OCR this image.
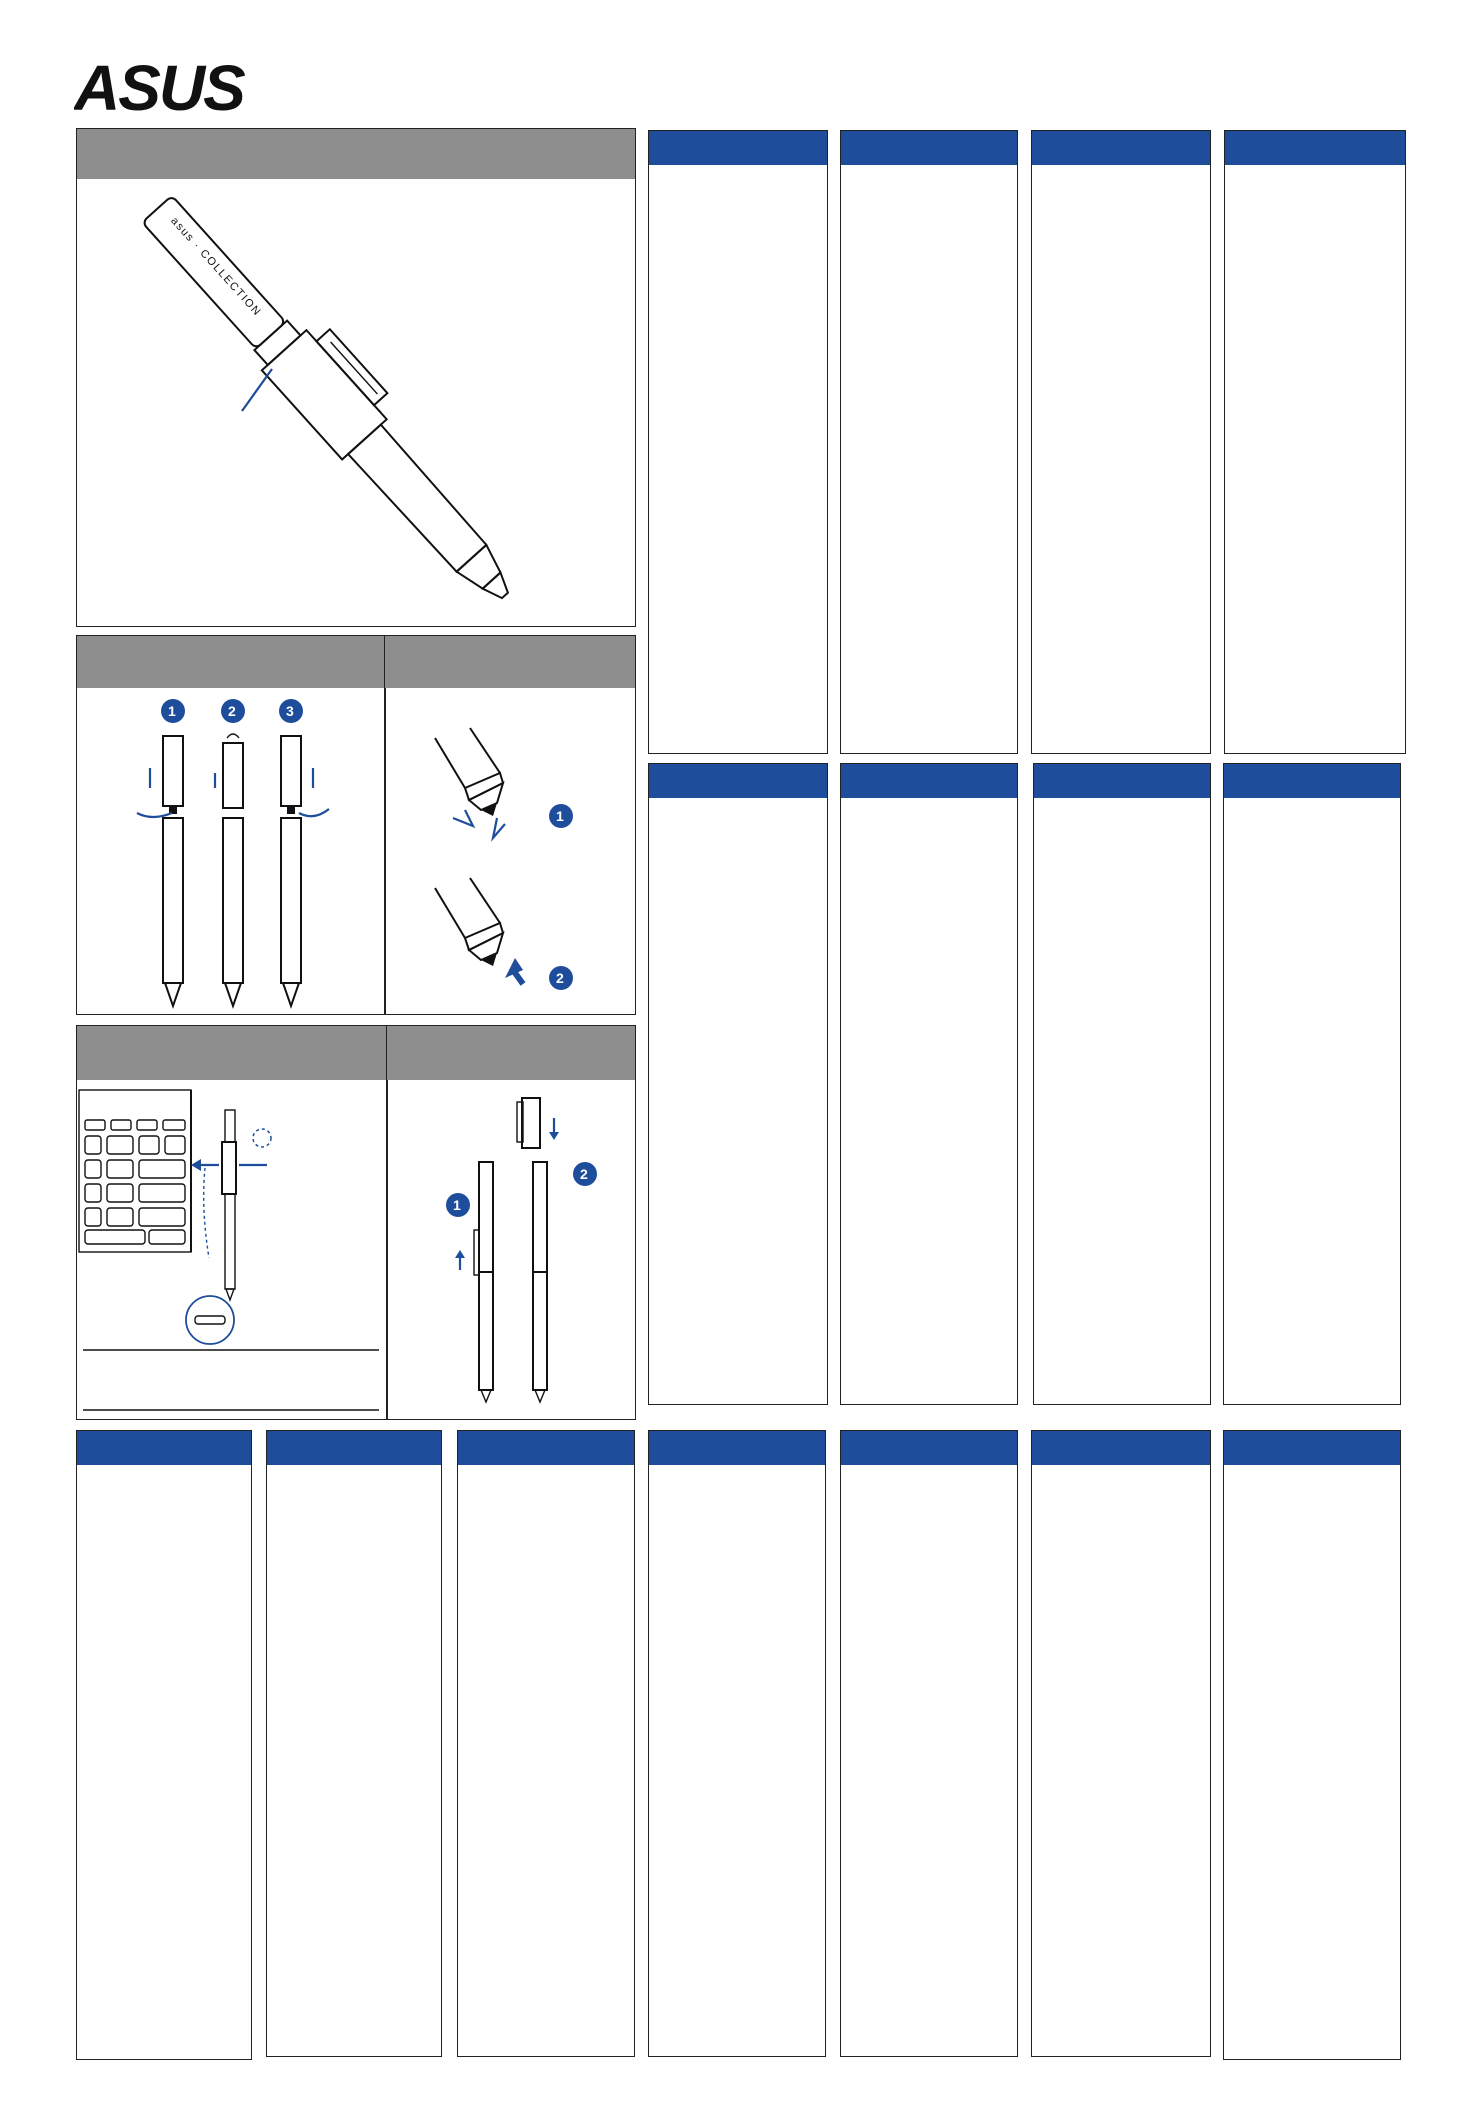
ASUS
asus · COLLECTION
1	2	3
1
2
2
1
